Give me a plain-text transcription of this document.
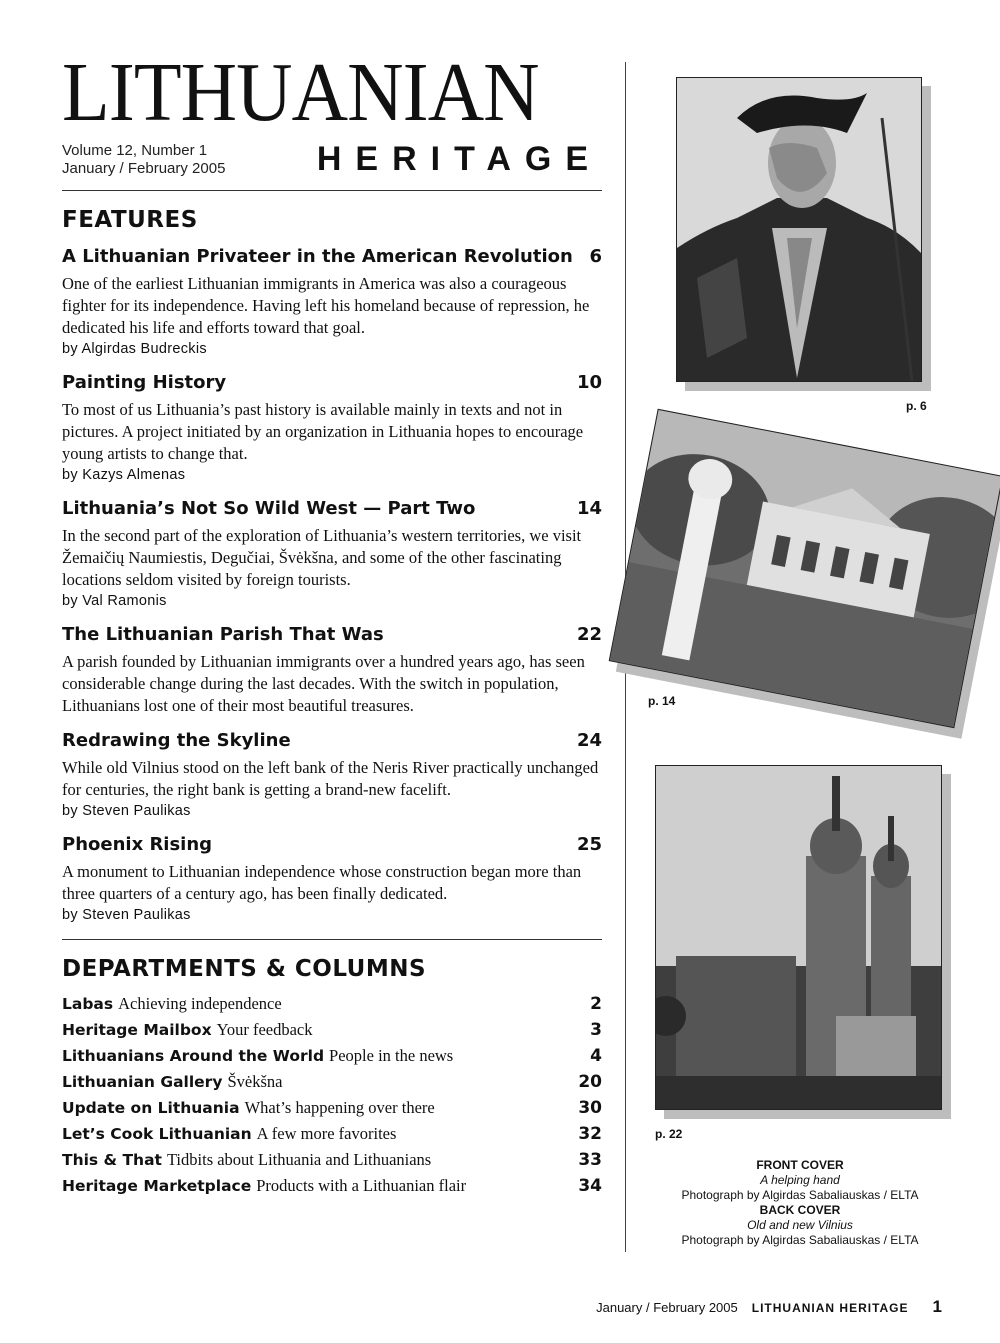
LITHUANIAN
Volume 12, Number 1
January / February 2005	HERITAGE
FEATURES
A Lithuanian Privateer in the American Revolution 6
One of the earliest Lithuanian immigrants in America was also a courageous fighter for its independence. Having left his homeland because of repression, he dedicated his life and efforts toward that goal.
by Algirdas Budreckis
Painting History	10
To most of us Lithuania’s past history is available mainly in texts and not in pictures. A project initiated by an organization in Lithuania hopes to encourage young artists to change that.
by Kazys Almenas
Lithuania’s Not So Wild West — Part Two	14
In the second part of the exploration of Lithuania’s western territories, we visit Žemaičių Naumiestis, Degučiai, Švėkšna, and some of the other fascinating locations seldom visited by foreign tourists.
by Val Ramonis
The Lithuanian Parish That Was	22
A parish founded by Lithuanian immigrants over a hundred years ago, has seen considerable change during the last decades. With the switch in population, Lithuanians lost one of their most beautiful treasures.
Redrawing the Skyline	24
While old Vilnius stood on the left bank of the Neris River practically unchanged for centuries, the right bank is getting a brand-new facelift.
by Steven Paulikas
Phoenix Rising	25
A monument to Lithuanian independence whose construction began more than three quarters of a century ago, has been finally dedicated.
by Steven Paulikas
DEPARTMENTS & COLUMNS
Labas Achieving independence	2
Heritage Mailbox Your feedback	3
Lithuanians Around the World People in the news	4
Lithuanian Gallery Švėkšna	20
Update on Lithuania What’s happening over there	30
Let’s Cook Lithuanian A few more favorites	32
This & That Tidbits about Lithuania and Lithuanians	33
Heritage Marketplace Products with a Lithuanian flair	34
p. 6
p. 14
p. 22
FRONT COVER
A helping hand
Photograph by Algirdas Sabaliauskas / ELTA
BACK COVER
Old and new Vilnius
Photograph by Algirdas Sabaliauskas / ELTA
January / February 2005 LITHUANIAN HERITAGE 1
